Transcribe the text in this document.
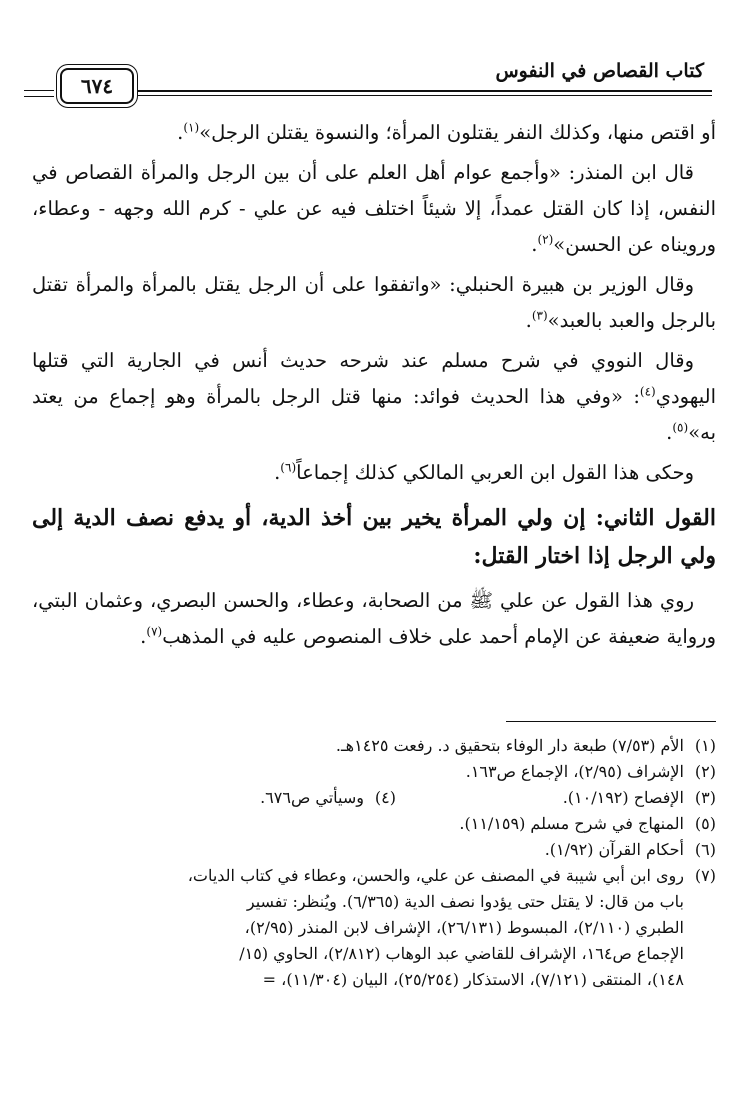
كتاب القصاص في النفوس
٦٧٤

أو اقتص منها، وكذلك النفر يقتلون المرأة؛ والنسوة يقتلن الرجل»$^{(١)}$.

قال ابن المنذر: «وأجمع عوام أهل العلم على أن بين الرجل والمرأة القصاص في النفس، إذا كان القتل عمداً، إلا شيئاً اختلف فيه عن علي - كرم الله وجهه - وعطاء، ورويناه عن الحسن»$^{(٢)}$.

وقال الوزير بن هبيرة الحنبلي: «واتفقوا على أن الرجل يقتل بالمرأة والمرأة تقتل بالرجل والعبد بالعبد»$^{(٣)}$.

وقال النووي في شرح مسلم عند شرحه حديث أنس في الجارية التي قتلها اليهودي$^{(٤)}$: «وفي هذا الحديث فوائد: منها قتل الرجل بالمرأة وهو إجماع من يعتد به»$^{(٥)}$.

وحكى هذا القول ابن العربي المالكي كذلك إجماعاً$^{(٦)}$.

القول الثاني: إن ولي المرأة يخير بين أخذ الدية، أو يدفع نصف الدية إلى ولي الرجل إذا اختار القتل:

روي هذا القول عن علي ﷺ من الصحابة، وعطاء، والحسن البصري، وعثمان البتي، ورواية ضعيفة عن الإمام أحمد على خلاف المنصوص عليه في المذهب$^{(٧)}$.

(١)الأم (٧/٥٣) طبعة دار الوفاء بتحقيق د. رفعت ١٤٢٥هـ.

(٢)الإشراف (٢/٩٥)، الإجماع ص١٦٣.

(٣)الإفصاح (١٠/١٩٢).
(٤)وسيأتي ص٦٧٦.

(٥)المنهاج في شرح مسلم (١١/١٥٩).

(٦)أحكام القرآن (١/٩٢).

(٧)روى ابن أبي شيبة في المصنف عن علي، والحسن، وعطاء في كتاب الديات،
باب من قال: لا يقتل حتى يؤدوا نصف الدية (٦/٣٦٥). ويُنظر: تفسير
الطبري (٢/١١٠)، المبسوط (٢٦/١٣١)، الإشراف لابن المنذر (٢/٩٥)،
الإجماع ص١٦٤، الإشراف للقاضي عبد الوهاب (٢/٨١٢)، الحاوي (١٥/
١٤٨)، المنتقى (٧/١٢١)، الاستذكار (٢٥/٢٥٤)، البيان (١١/٣٠٤)، =
